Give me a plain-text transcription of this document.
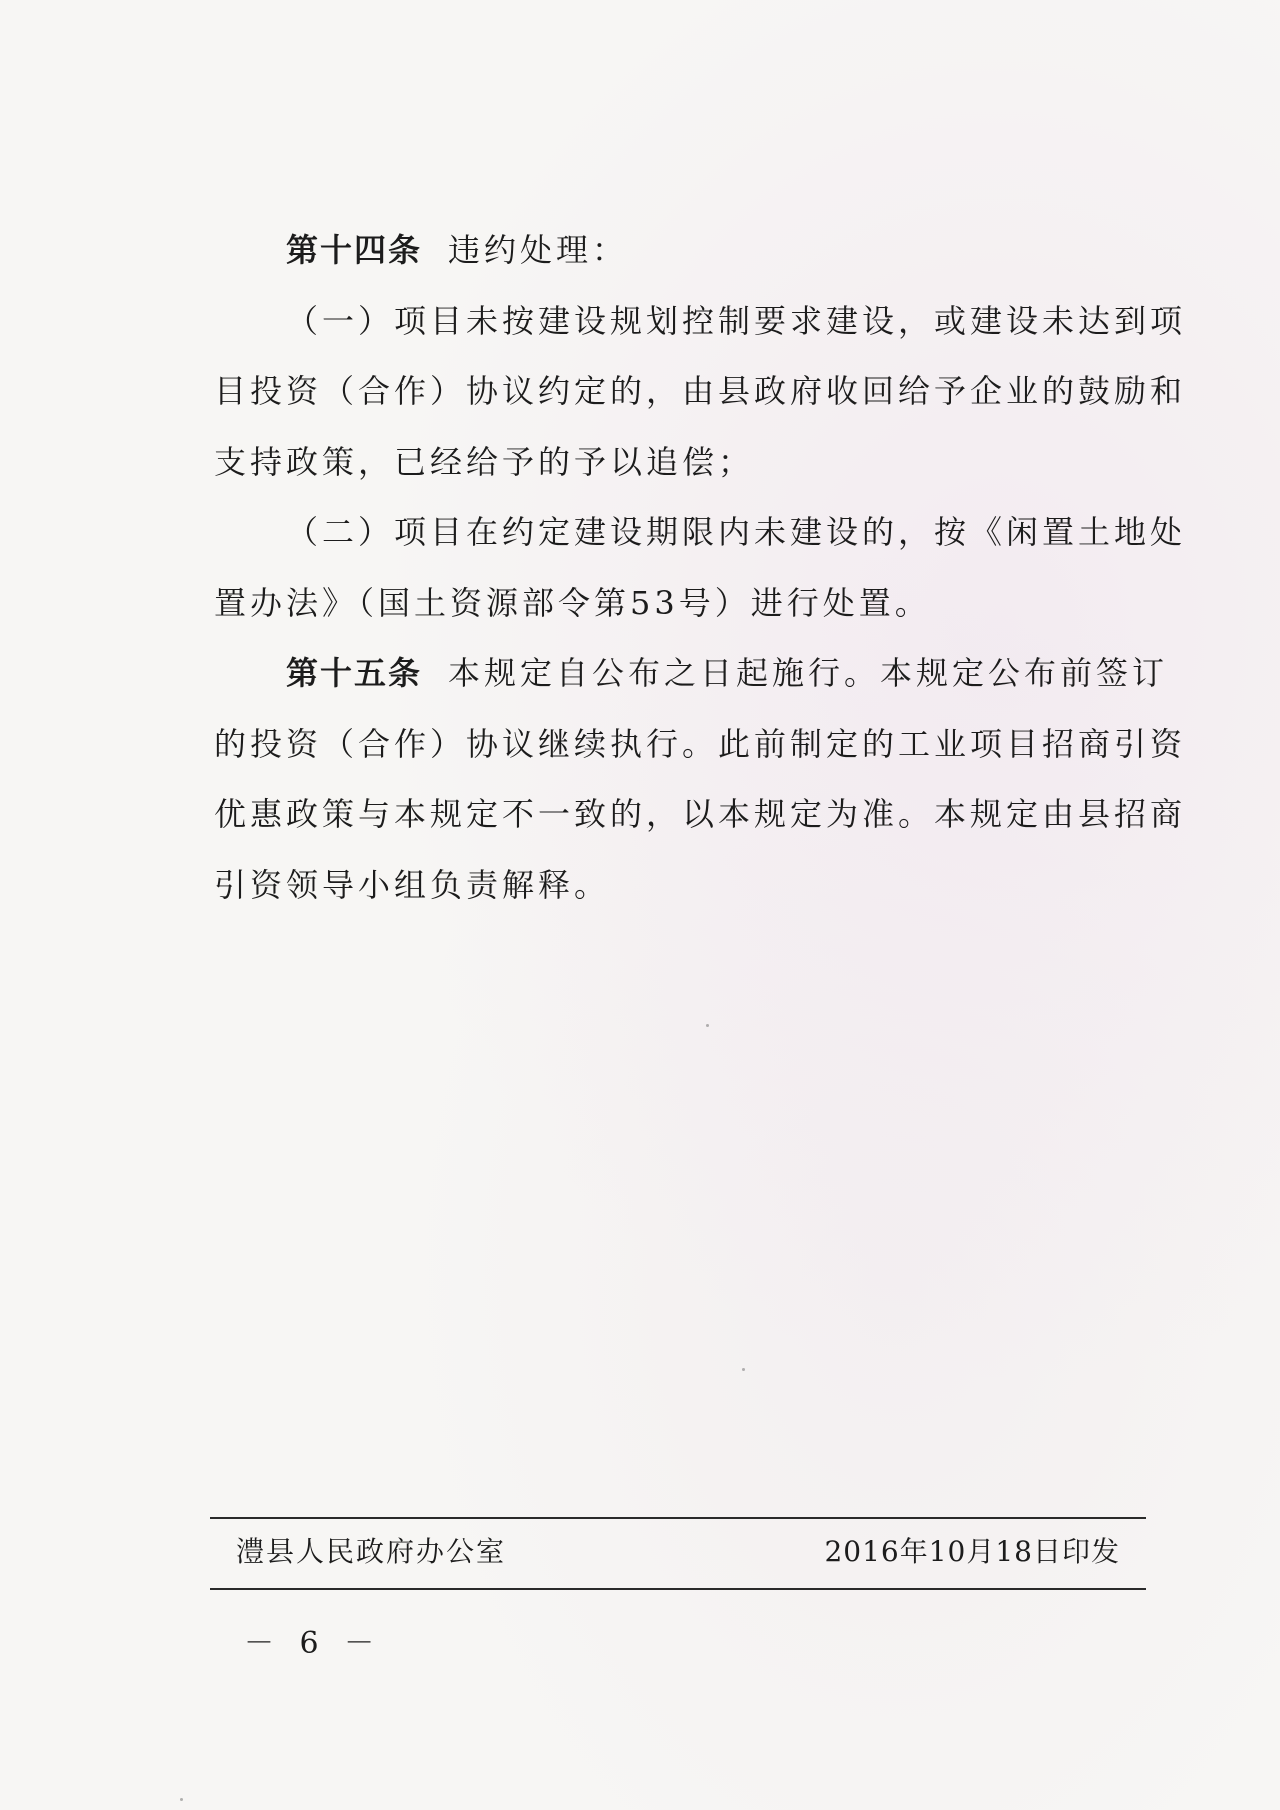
第十四条 违约处理：
（一）项目未按建设规划控制要求建设，或建设未达到项
目投资（合作）协议约定的，由县政府收回给予企业的鼓励和
支持政策，已经给予的予以追偿；
（二）项目在约定建设期限内未建设的，按《闲置土地处
置办法》（国土资源部令第53号）进行处置。
第十五条 本规定自公布之日起施行。本规定公布前签订
的投资（合作）协议继续执行。此前制定的工业项目招商引资
优惠政策与本规定不一致的，以本规定为准。本规定由县招商
引资领导小组负责解释。
澧县人民政府办公室	2016年10月18日印发
－ 6 －
